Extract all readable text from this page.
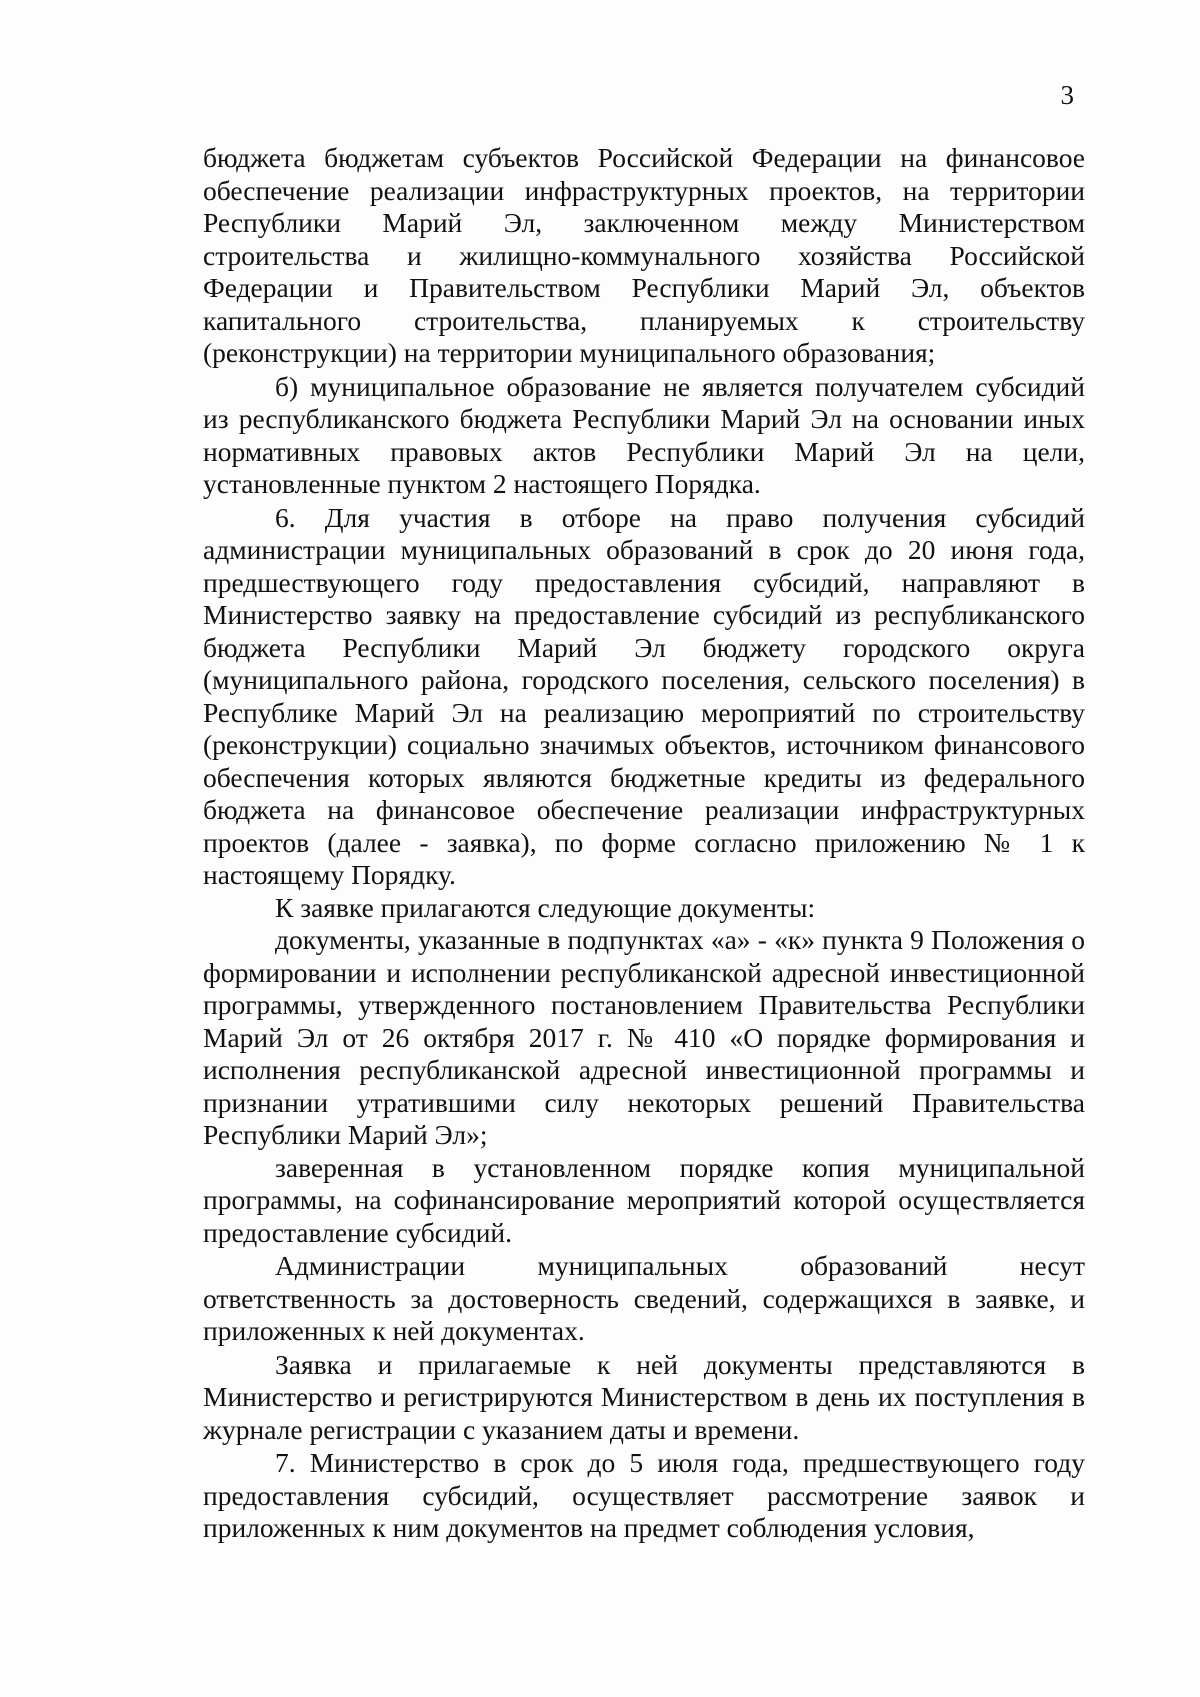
3

бюджета бюджетам субъектов Российской Федерации на финансовое обеспечение реализации инфраструктурных проектов, на территории Республики Марий Эл, заключенном между Министерством строительства и жилищно-коммунального хозяйства Российской Федерации и Правительством Республики Марий Эл, объектов капитального строительства, планируемых к строительству (реконструкции) на территории муниципального образования;

б) муниципальное образование не является получателем субсидий из республиканского бюджета Республики Марий Эл на основании иных нормативных правовых актов Республики Марий Эл на цели, установленные пунктом 2 настоящего Порядка.

6. Для участия в отборе на право получения субсидий администрации муниципальных образований в срок до 20 июня года, предшествующего году предоставления субсидий, направляют в Министерство заявку на предоставление субсидий из республиканского бюджета Республики Марий Эл бюджету городского округа (муниципального района, городского поселения, сельского поселения) в Республике Марий Эл на реализацию мероприятий по строительству (реконструкции) социально значимых объектов, источником финансового обеспечения которых являются бюджетные кредиты из федерального бюджета на финансовое обеспечение реализации инфраструктурных проектов (далее - заявка), по форме согласно приложению № 1 к настоящему Порядку.

К заявке прилагаются следующие документы:

документы, указанные в подпунктах «а» - «к» пункта 9 Положения о формировании и исполнении республиканской адресной инвестиционной программы, утвержденного постановлением Правительства Республики Марий Эл от 26 октября 2017 г. № 410 «О порядке формирования и исполнения республиканской адресной инвестиционной программы и признании утратившими силу некоторых решений Правительства Республики Марий Эл»;

заверенная в установленном порядке копия муниципальной программы, на софинансирование мероприятий которой осуществляется предоставление субсидий.

Администрации муниципальных образований несут ответственность за достоверность сведений, содержащихся в заявке, и приложенных к ней документах.

Заявка и прилагаемые к ней документы представляются в Министерство и регистрируются Министерством в день их поступления в журнале регистрации с указанием даты и времени.

7. Министерство в срок до 5 июля года, предшествующего году предоставления субсидий, осуществляет рассмотрение заявок и приложенных к ним документов на предмет соблюдения условия,
